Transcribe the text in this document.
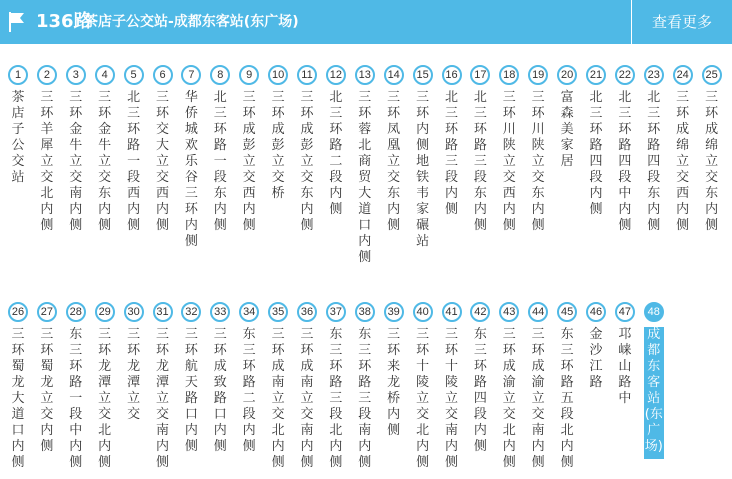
136路
茶店子公交站-成都东客站(东广场)	查看更多
1
茶店子公交站
2
三环羊犀立交北内侧
3
三环金牛立交南内侧
4
三环金牛立交东内侧
5
北三环路一段西内侧
6
三环交大立交西内侧
7
华侨城欢乐谷三环内侧
8
北三环路一段东内侧
9
三环成彭立交西内侧
10
三环成彭立交桥
11
三环成彭立交东内侧
12
北三环路二段内侧
13
三环蓉北商贸大道口内侧
14
三环凤凰立交东内侧
15
三环内侧地铁韦家碾站
16
北三环路三段内侧
17
北三环路三段东内侧
18
三环川陕立交西内侧
19
三环川陕立交东内侧
20
富森美家居
21
北三环路四段内侧
22
北三环路四段中内侧
23
北三环路四段东内侧
24
三环成绵立交西内侧
25
三环成绵立交东内侧
26
三环蜀龙大道口内侧
27
三环蜀龙立交内侧
28
东三环路一段中内侧
29
三环龙潭立交北内侧
30
三环龙潭立交
31
三环龙潭立交南内侧
32
三环航天路口内侧
33
三环成致路口内侧
34
东三环路二段内侧
35
三环成南立交北内侧
36
三环成南立交南内侧
37
东三环路三段北内侧
38
东三环路三段南内侧
39
三环来龙桥内侧
40
三环十陵立交北内侧
41
三环十陵立交南内侧
42
东三环路四段内侧
43
三环成渝立交北内侧
44
三环成渝立交南内侧
45
东三环路五段北内侧
46
金沙江路
47
邛崃山路中
48
成都东客站(东广场)
